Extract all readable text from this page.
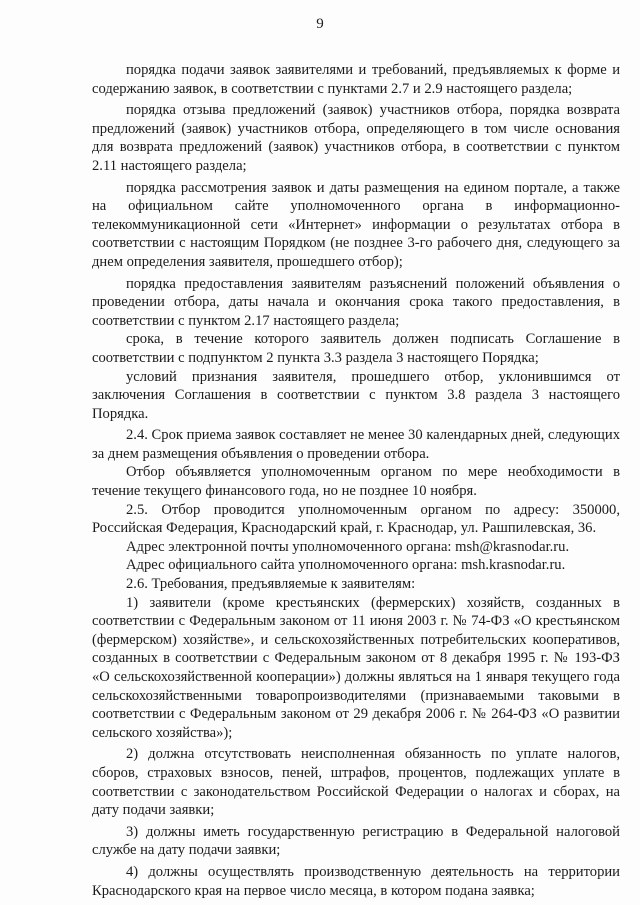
9

порядка подачи заявок заявителями и требований, предъявляемых к форме и содержанию заявок, в соответствии с пунктами 2.7 и 2.9 настоящего раздела;

порядка отзыва предложений (заявок) участников отбора, порядка возврата предложений (заявок) участников отбора, определяющего в том числе основания для возврата предложений (заявок) участников отбора, в соответствии с пунктом 2.11 настоящего раздела;

порядка рассмотрения заявок и даты размещения на едином портале, а также на официальном сайте уполномоченного органа в информационно-телекоммуникационной сети «Интернет» информации о результатах отбора в соответствии с настоящим Порядком (не позднее 3-го рабочего дня, следующего за днем определения заявителя, прошедшего отбор);

порядка предоставления заявителям разъяснений положений объявления о проведении отбора, даты начала и окончания срока такого предоставления, в соответствии с пунктом 2.17 настоящего раздела;

срока, в течение которого заявитель должен подписать Соглашение в соответствии с подпунктом 2 пункта 3.3 раздела 3 настоящего Порядка;

условий признания заявителя, прошедшего отбор, уклонившимся от заключения Соглашения в соответствии с пунктом 3.8 раздела 3 настоящего Порядка.

2.4. Срок приема заявок составляет не менее 30 календарных дней, следующих за днем размещения объявления о проведении отбора.

Отбор объявляется уполномоченным органом по мере необходимости в течение текущего финансового года, но не позднее 10 ноября.

2.5. Отбор проводится уполномоченным органом по адресу: 350000, Российская Федерация, Краснодарский край, г. Краснодар, ул. Рашпилевская, 36.

Адрес электронной почты уполномоченного органа: msh@krasnodar.ru.

Адрес официального сайта уполномоченного органа: msh.krasnodar.ru.

2.6. Требования, предъявляемые к заявителям:

1) заявители (кроме крестьянских (фермерских) хозяйств, созданных в соответствии с Федеральным законом от 11 июня 2003 г. № 74-ФЗ «О крестьянском (фермерском) хозяйстве», и сельскохозяйственных потребительских кооперативов, созданных в соответствии с Федеральным законом от 8 декабря 1995 г. № 193-ФЗ «О сельскохозяйственной кооперации») должны являться на 1 января текущего года сельскохозяйственными товаропроизводителями (признаваемыми таковыми в соответствии с Федеральным законом от 29 декабря 2006 г. № 264-ФЗ «О развитии сельского хозяйства»);

2) должна отсутствовать неисполненная обязанность по уплате налогов, сборов, страховых взносов, пеней, штрафов, процентов, подлежащих уплате в соответствии с законодательством Российской Федерации о налогах и сборах, на дату подачи заявки;

3) должны иметь государственную регистрацию в Федеральной налоговой службе на дату подачи заявки;

4) должны осуществлять производственную деятельность на территории Краснодарского края на первое число месяца, в котором подана заявка;
